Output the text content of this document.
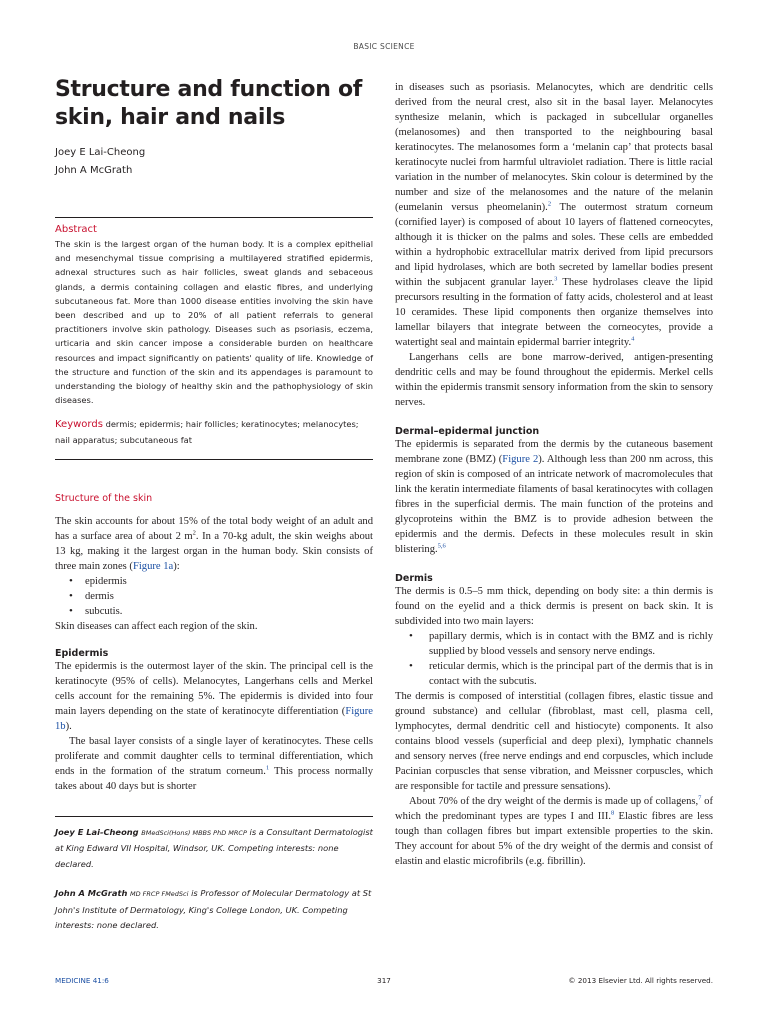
BASIC SCIENCE
Structure and function of skin, hair and nails

Joey E Lai-Cheong

John A McGrath

Abstract

The skin is the largest organ of the human body. It is a complex epithelial and mesenchymal tissue comprising a multilayered stratified epidermis, adnexal structures such as hair follicles, sweat glands and sebaceous glands, a dermis containing collagen and elastic fibres, and underlying subcutaneous fat. More than 1000 disease entities involving the skin have been described and up to 20% of all patient referrals to general practitioners involve skin pathology. Diseases such as psoriasis, eczema, urticaria and skin cancer impose a considerable burden on healthcare resources and impact significantly on patients' quality of life. Knowledge of the structure and function of the skin and its appendages is paramount to understanding the biology of healthy skin and the pathophysiology of skin diseases.

Keywords dermis; epidermis; hair follicles; keratinocytes; melanocytes; nail apparatus; subcutaneous fat

Structure of the skin

The skin accounts for about 15% of the total body weight of an adult and has a surface area of about 2 $m^2$. In a 70-kg adult, the skin weighs about 13 kg, making it the largest organ in the human body. Skin consists of three main zones (Figure 1a):

• epidermis
• dermis
• subcutis.

Skin diseases can affect each region of the skin.

Epidermis

The epidermis is the outermost layer of the skin. The principal cell is the keratinocyte (95% of cells). Melanocytes, Langerhans cells and Merkel cells account for the remaining 5%. The epidermis is divided into four main layers depending on the state of keratinocyte differentiation (Figure 1b).

The basal layer consists of a single layer of keratinocytes. These cells proliferate and commit daughter cells to terminal differentiation, which ends in the formation of the stratum corneum.$^1$ This process normally takes about 40 days but is shorter

Joey E Lai-Cheong BMedSci(Hons) MBBS PhD MRCP is a Consultant Dermatologist at King Edward VII Hospital, Windsor, UK. Competing interests: none declared.

John A McGrath MD FRCP FMedSci is Professor of Molecular Dermatology at St John's Institute of Dermatology, King's College London, UK. Competing interests: none declared.

in diseases such as psoriasis. Melanocytes, which are dendritic cells derived from the neural crest, also sit in the basal layer. Melanocytes synthesize melanin, which is packaged in subcellular organelles (melanosomes) and then transported to the neighbouring basal keratinocytes. The melanosomes form a ‘melanin cap’ that protects basal keratinocyte nuclei from harmful ultraviolet radiation. There is little racial variation in the number of melanocytes. Skin colour is determined by the number and size of the melanosomes and the nature of the melanin (eumelanin versus pheomelanin).$^2$ The outermost stratum corneum (cornified layer) is composed of about 10 layers of flattened corneocytes, although it is thicker on the palms and soles. These cells are embedded within a hydrophobic extracellular matrix derived from lipid precursors and lipid hydrolases, which are both secreted by lamellar bodies present within the subjacent granular layer.$^3$ These hydrolases cleave the lipid precursors resulting in the formation of fatty acids, cholesterol and at least 10 ceramides. These lipid components then organize themselves into lamellar bilayers that integrate between the corneocytes, provide a watertight seal and maintain epidermal barrier integrity.$^4$

Langerhans cells are bone marrow-derived, antigen-presenting dendritic cells and may be found throughout the epidermis. Merkel cells within the epidermis transmit sensory information from the skin to sensory nerves.

Dermal–epidermal junction

The epidermis is separated from the dermis by the cutaneous basement membrane zone (BMZ) (Figure 2). Although less than 200 nm across, this region of skin is composed of an intricate network of macromolecules that link the keratin intermediate filaments of basal keratinocytes with collagen fibres in the superficial dermis. The main function of the proteins and glycoproteins within the BMZ is to provide adhesion between the epidermis and the dermis. Defects in these molecules result in skin blistering.$^{5,6}$

Dermis

The dermis is 0.5–5 mm thick, depending on body site: a thin dermis is found on the eyelid and a thick dermis is present on back skin. It is subdivided into two main layers:

• papillary dermis, which is in contact with the BMZ and is richly supplied by blood vessels and sensory nerve endings.
• reticular dermis, which is the principal part of the dermis that is in contact with the subcutis.

The dermis is composed of interstitial (collagen fibres, elastic tissue and ground substance) and cellular (fibroblast, mast cell, plasma cell, lymphocytes, dermal dendritic cell and histiocyte) components. It also contains blood vessels (superficial and deep plexi), lymphatic channels and sensory nerves (free nerve endings and end corpuscles, which include Pacinian corpuscles that sense vibration, and Meissner corpuscles, which are responsible for tactile and pressure sensations).

About 70% of the dry weight of the dermis is made up of collagens,$^7$ of which the predominant types are types I and III.$^8$ Elastic fibres are less tough than collagen fibres but impart extensible properties to the skin. They account for about 5% of the dry weight of the dermis and consist of elastin and elastic microfibrils (e.g. fibrillin).

MEDICINE 41:6	317	© 2013 Elsevier Ltd. All rights reserved.
